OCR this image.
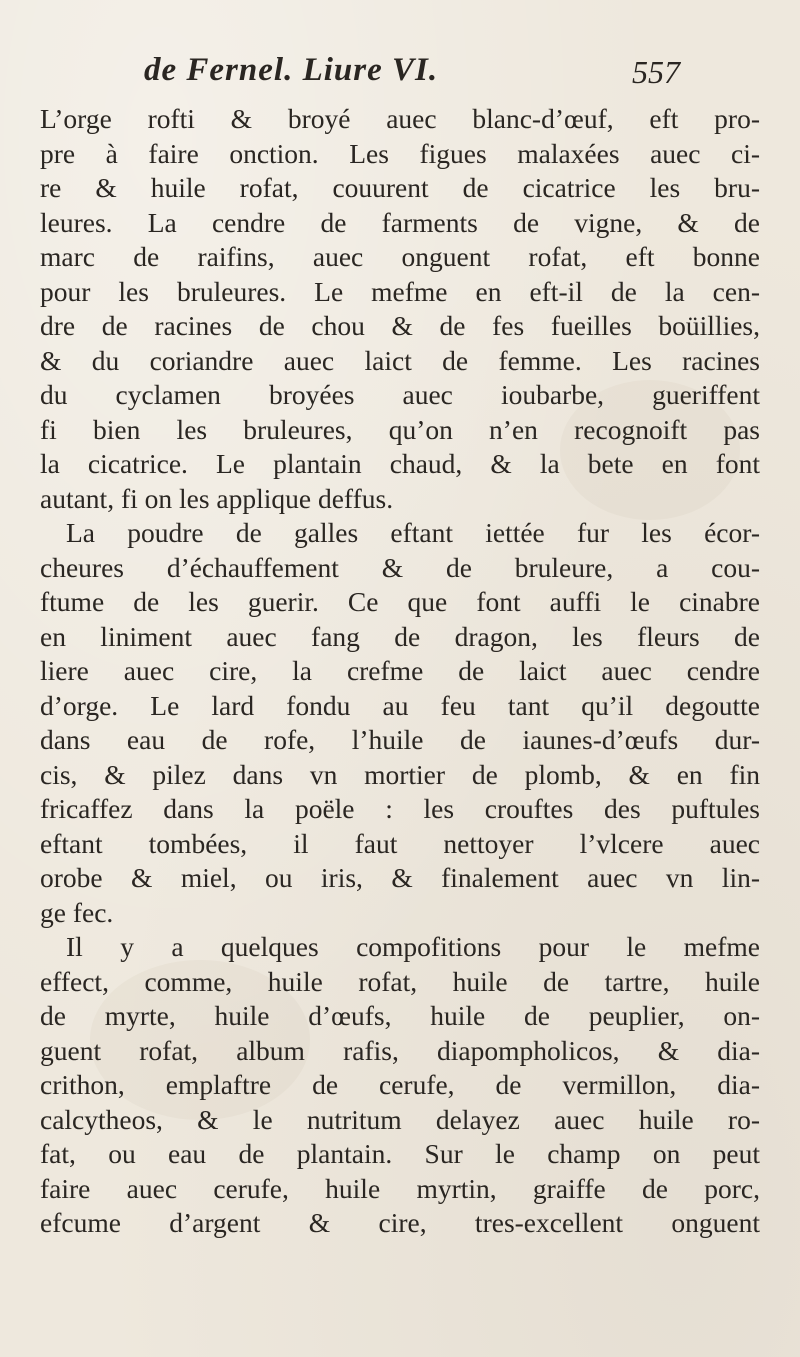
de Fernel. Liure VI.	557
L’orge rofti & broyé auec blanc-d’œuf, eft pro-
pre à faire onction. Les figues malaxées auec ci-
re & huile rofat, couurent de cicatrice les bru-
leures. La cendre de farments de vigne, & de
marc de raifins, auec onguent rofat, eft bonne
pour les bruleures. Le mefme en eft-il de la cen-
dre de racines de chou & de fes fueilles boüillies,
& du coriandre auec laict de femme. Les racines
du cyclamen broyées auec ioubarbe, gueriffent
fi bien les bruleures, qu’on n’en recognoift pas
la cicatrice. Le plantain chaud, & la bete en font
autant, fi on les applique deffus.
La poudre de galles eftant iettée fur les écor-
cheures d’échauffement & de bruleure, a cou-
ftume de les guerir. Ce que font auffi le cinabre
en liniment auec fang de dragon, les fleurs de
liere auec cire, la crefme de laict auec cendre
d’orge. Le lard fondu au feu tant qu’il degoutte
dans eau de rofe, l’huile de iaunes-d’œufs dur-
cis, & pilez dans vn mortier de plomb, & en fin
fricaffez dans la poële : les crouftes des puftules
eftant tombées, il faut nettoyer l’vlcere auec
orobe & miel, ou iris, & finalement auec vn lin-
ge fec.
Il y a quelques compofitions pour le mefme
effect, comme, huile rofat, huile de tartre, huile
de myrte, huile d’œufs, huile de peuplier, on-
guent rofat, album rafis, diapompholicos, & dia-
crithon, emplaftre de cerufe, de vermillon, dia-
calcytheos, & le nutritum delayez auec huile ro-
fat, ou eau de plantain. Sur le champ on peut
faire auec cerufe, huile myrtin, graiffe de porc,
efcume d’argent & cire, tres-excellent onguent
